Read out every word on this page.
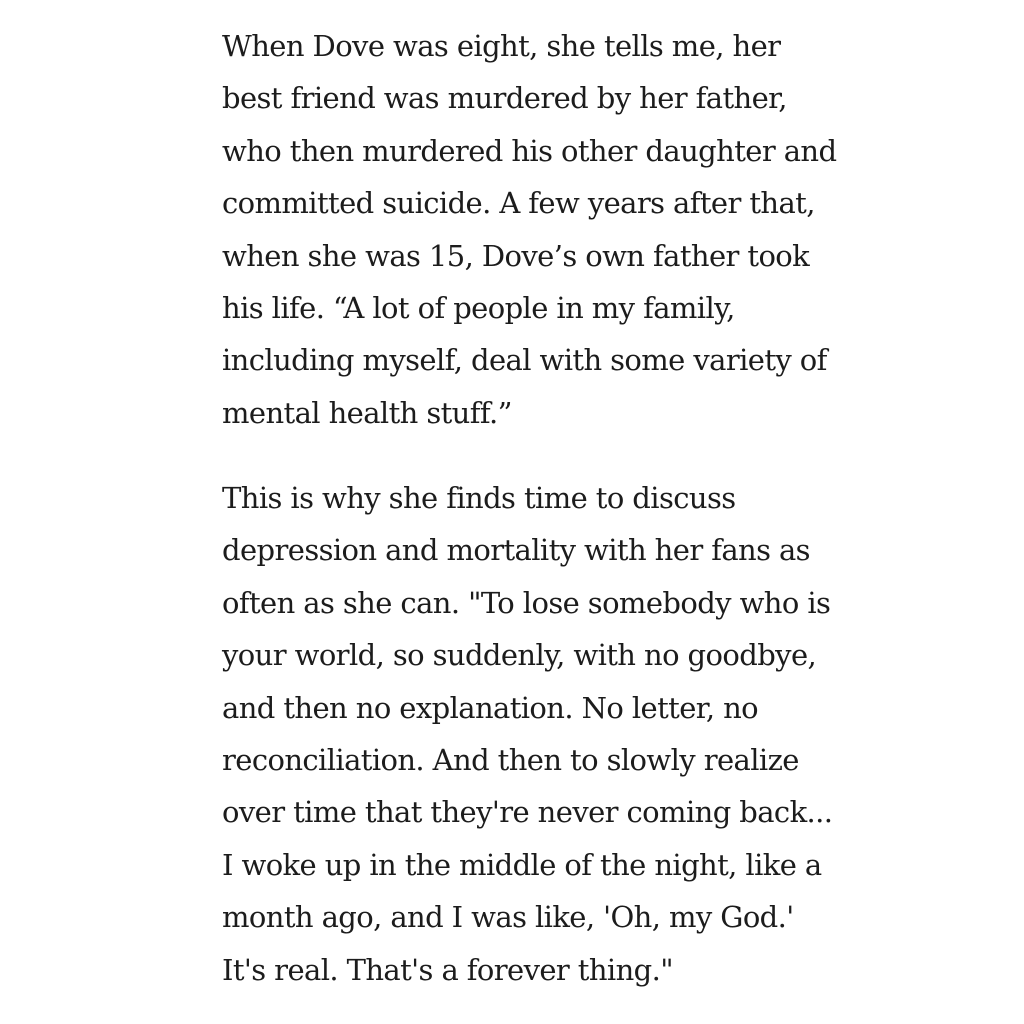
When Dove was eight, she tells me, her
best friend was murdered by her father,
who then murdered his other daughter and
committed suicide. A few years after that,
when she was 15, Dove’s own father took
his life. “A lot of people in my family,
including myself, deal with some variety of
mental health stuff.”

This is why she finds time to discuss
depression and mortality with her fans as
often as she can. "To lose somebody who is
your world, so suddenly, with no goodbye,
and then no explanation. No letter, no
reconciliation. And then to slowly realize
over time that they're never coming back...
I woke up in the middle of the night, like a
month ago, and I was like, 'Oh, my God.'
It's real. That's a forever thing."
